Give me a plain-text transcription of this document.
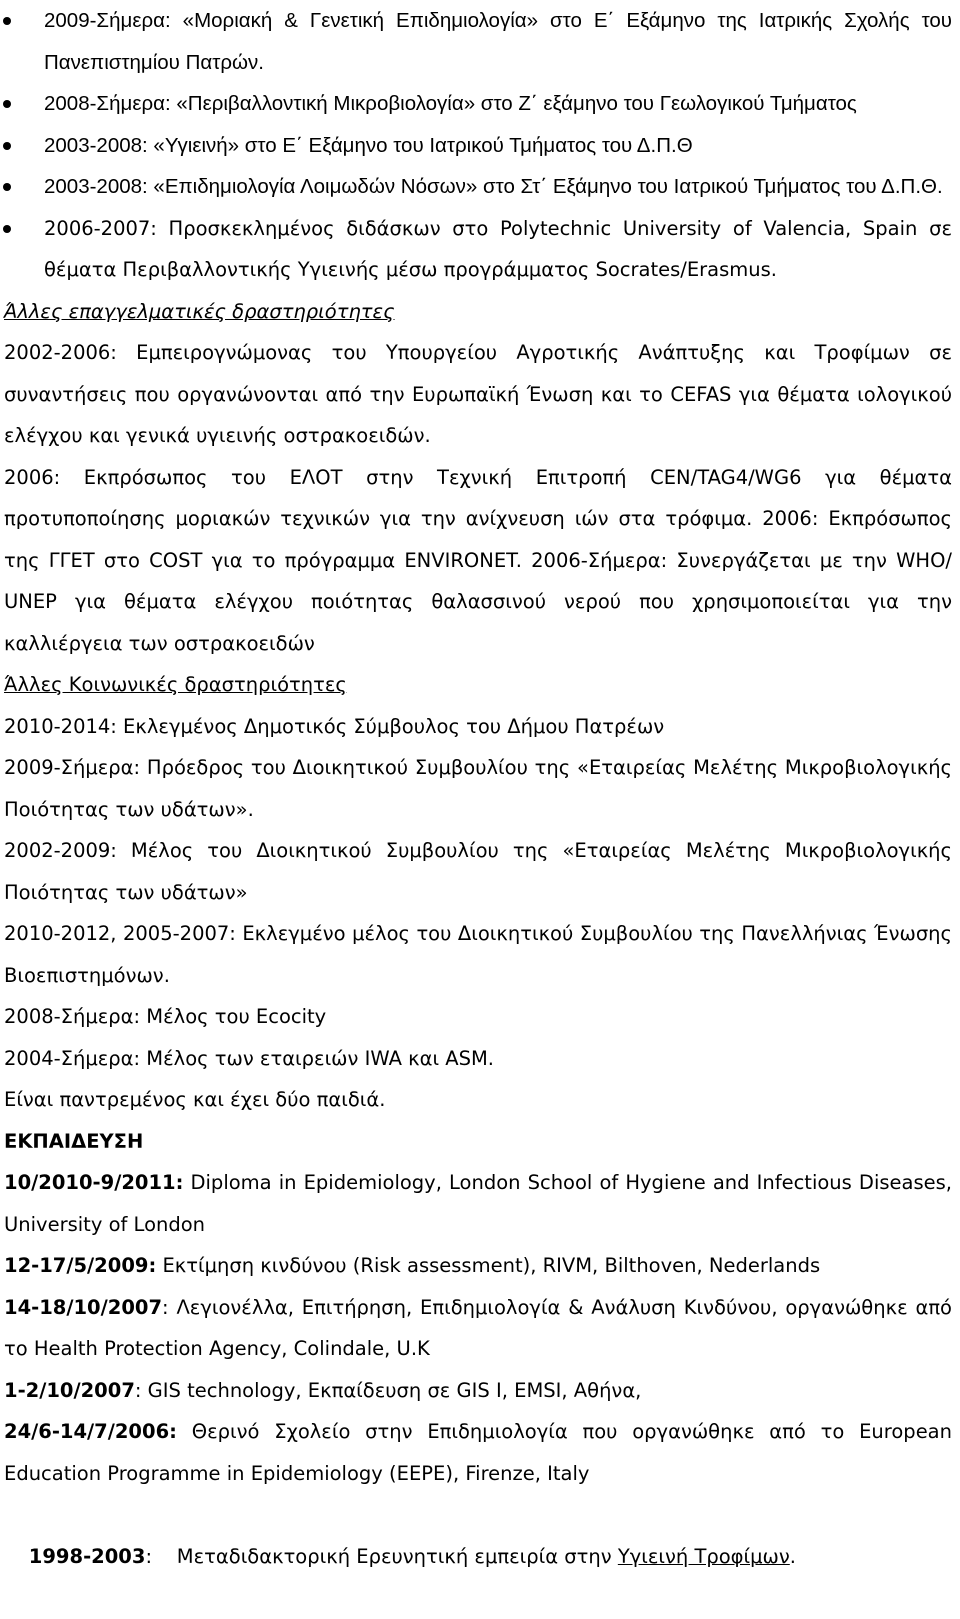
2009-Σήμερα: «Μοριακή & Γενετική Επιδημιολογία» στο Ε΄ Εξάμηνο της Ιατρικής Σχολής του Πανεπιστημίου Πατρών.
2008-Σήμερα: «Περιβαλλοντική Μικροβιολογία» στο Ζ΄ εξάμηνο του Γεωλογικού Τμήματος
2003-2008: «Υγιεινή» στο Ε΄ Εξάμηνο του Ιατρικού Τμήματος του Δ.Π.Θ
2003-2008: «Επιδημιολογία Λοιμωδών Νόσων» στο Στ΄ Εξάμηνο του Ιατρικού Τμήματος του Δ.Π.Θ.
2006-2007: Προσκεκλημένος διδάσκων στο Polytechnic University of Valencia, Spain σε θέματα Περιβαλλοντικής Υγιεινής μέσω προγράμματος Socrates/Erasmus.

Άλλες επαγγελματικές δραστηριότητες

2002-2006: Εμπειρογνώμονας του Υπουργείου Αγροτικής Ανάπτυξης και Τροφίμων σε συναντήσεις που οργανώνονται από την Ευρωπαϊκή Ένωση και το CEFAS για θέματα ιολογικού ελέγχου και γενικά υγιεινής οστρακοειδών.

2006: Εκπρόσωπος του ΕΛΟΤ στην Τεχνική Επιτροπή CEN/TAG4/WG6 για θέματα προτυποποίησης μοριακών τεχνικών για την ανίχνευση ιών στα τρόφιμα. 2006: Εκπρόσωπος της ΓΓΕΤ στο COST για το πρόγραμμα ENVIRONET. 2006-Σήμερα: Συνεργάζεται με την WHO/ UNEP για θέματα ελέγχου ποιότητας θαλασσινού νερού που χρησιμοποιείται για την καλλιέργεια των οστρακοειδών

Άλλες Κοινωνικές δραστηριότητες

2010-2014: Εκλεγμένος Δημοτικός Σύμβουλος του Δήμου Πατρέων

2009-Σήμερα: Πρόεδρος του Διοικητικού Συμβουλίου της «Εταιρείας Μελέτης Μικροβιολογικής Ποιότητας των υδάτων».

2002-2009: Μέλος του Διοικητικού Συμβουλίου της «Εταιρείας Μελέτης Μικροβιολογικής Ποιότητας των υδάτων»

2010-2012, 2005-2007: Εκλεγμένο μέλος του Διοικητικού Συμβουλίου της Πανελλήνιας Ένωσης Βιοεπιστημόνων.

2008-Σήμερα: Μέλος του Ecocity

2004-Σήμερα: Μέλος των εταιρειών IWA και ASM.

Είναι παντρεμένος και έχει δύο παιδιά.

ΕΚΠΑΙΔΕΥΣΗ

10/2010-9/2011: Diploma in Epidemiology, London School of Hygiene and Infectious Diseases, University of London

12-17/5/2009: Εκτίμηση κινδύνου (Risk assessment), RIVM, Bilthoven, Nederlands

14-18/10/2007: Λεγιονέλλα, Επιτήρηση, Επιδημιολογία & Ανάλυση Κινδύνου, οργανώθηκε από το Health Protection Agency, Colindale, U.K

1-2/10/2007: GIS technology, Εκπαίδευση σε GIS I, EMSI, Αθήνα,

24/6-14/7/2006: Θερινό Σχολείο στην Επιδημιολογία που οργανώθηκε από το European Education Programme in Epidemiology (EEPE), Firenze, Italy

1998-2003:    Μεταδιδακτορική Ερευνητική εμπειρία στην Υγιεινή Τροφίμων.
